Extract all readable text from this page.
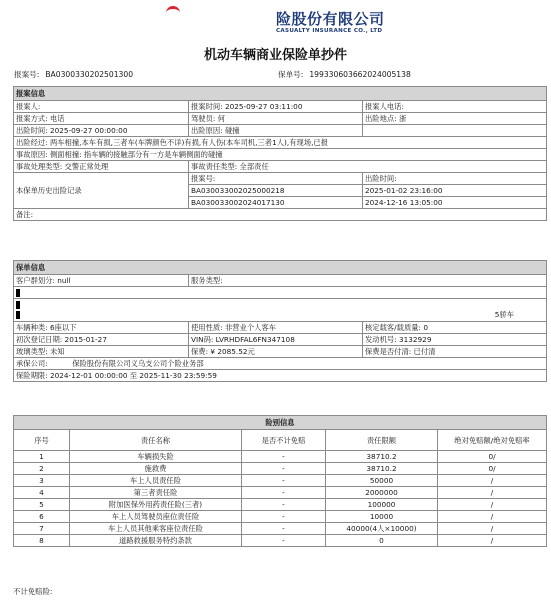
险股份有限公司
CASUALTY INSURANCE CO., LTD
机动车辆商业保险单抄件
报案号: BA0300330202501300	保单号: 199330603662024005138
报案信息		
报案人:	报案时间: 2025-09-27 03:11:00	报案人电话:
报案方式: 电话	驾驶员: 何	出险地点: 浙
出险时间: 2025-09-27 00:00:00	出险原因: 碰撞	
出险经过: 两车相撞,本车有损,三者车(车牌颜色不详)有损,有人伤(本车司机,三者1人),有现场,已报		
事故原因: 侧面相撞: 指车辆的接触部分有一方是车辆侧面的碰撞		
事故处理类型: 交警正常处理	事故责任类型: 全部责任	
本保单历史出险记录	报案号:	出险时间:
	BA030033002025000218	2025-01-02 23:16:00
	BA030033002024017130	2024-12-16 13:05:00
备注:		
保单信息		
客户群划分: null	服务类型:	

5骄车		

车辆种类: 6座以下	使用性质: 非营业个人客车	核定载客/载质量: 0
初次登记日期: 2015-01-27	VIN码: LVRHDFAL6FN347108	发动机号: 3132929
玻璃类型: 未知	保费: ¥ 2085.52元	保费是否付清: 已付清
承保公司: 保险股份有限公司义乌支公司个险业务部		
保险期限: 2024-12-01 00:00:00 至 2025-11-30 23:59:59		
险别信息				
序号	责任名称	是否不计免赔	责任限额	绝对免赔额/绝对免赔率
1	车辆损失险	-	38710.2	0/
2	施救费	-	38710.2	0/
3	车上人员责任险	-	50000	/
4	第三者责任险	-	2000000	/
5	附加医保外用药责任险(三者)	-	100000	/
6	车上人员驾驶员座位责任险	-	10000	/
7	车上人员其他乘客座位责任险	-	40000(4人×10000)	/
8	道路救援服务特约条款	-	0	/
不计免赔险:
